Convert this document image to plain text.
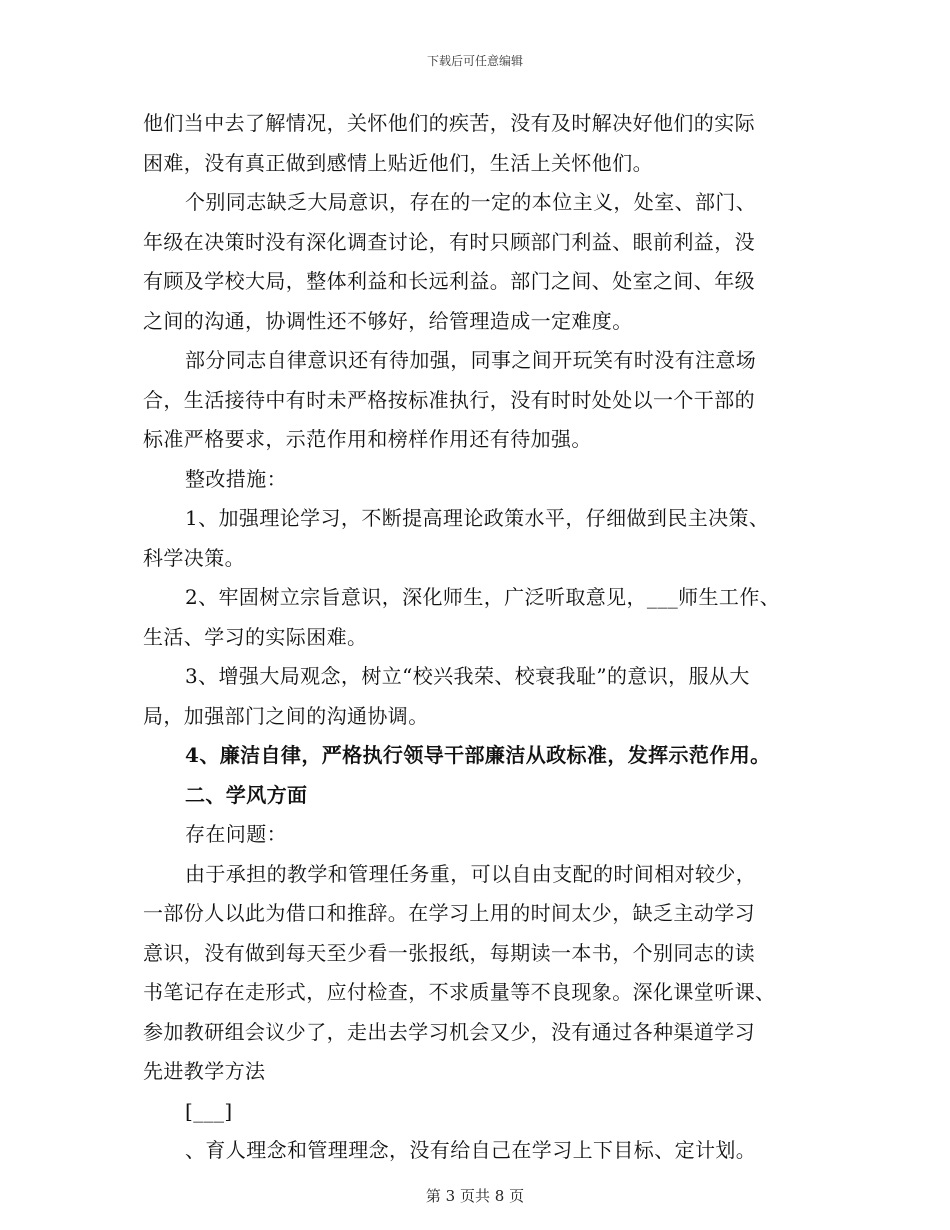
下载后可任意编辑

他们当中去了解情况，关怀他们的疾苦，没有及时解决好他们的实际

困难，没有真正做到感情上贴近他们，生活上关怀他们。

个别同志缺乏大局意识，存在的一定的本位主义，处室、部门、

年级在决策时没有深化调查讨论，有时只顾部门利益、眼前利益，没

有顾及学校大局，整体利益和长远利益。部门之间、处室之间、年级

之间的沟通，协调性还不够好，给管理造成一定难度。

部分同志自律意识还有待加强，同事之间开玩笑有时没有注意场

合，生活接待中有时未严格按标准执行，没有时时处处以一个干部的

标准严格要求，示范作用和榜样作用还有待加强。

整改措施：

1、加强理论学习，不断提高理论政策水平，仔细做到民主决策、

科学决策。

2、牢固树立宗旨意识，深化师生，广泛听取意见，___师生工作、

生活、学习的实际困难。

3、增强大局观念，树立“校兴我荣、校衰我耻”的意识，服从大

局，加强部门之间的沟通协调。

4、廉洁自律，严格执行领导干部廉洁从政标准，发挥示范作用。

二、学风方面

存在问题：

由于承担的教学和管理任务重，可以自由支配的时间相对较少，

一部份人以此为借口和推辞。在学习上用的时间太少，缺乏主动学习

意识，没有做到每天至少看一张报纸，每期读一本书，个别同志的读

书笔记存在走形式，应付检查，不求质量等不良现象。深化课堂听课、

参加教研组会议少了，走出去学习机会又少，没有通过各种渠道学习

先进教学方法

[___]

、育人理念和管理理念，没有给自己在学习上下目标、定计划。

第 3 页共 8 页
